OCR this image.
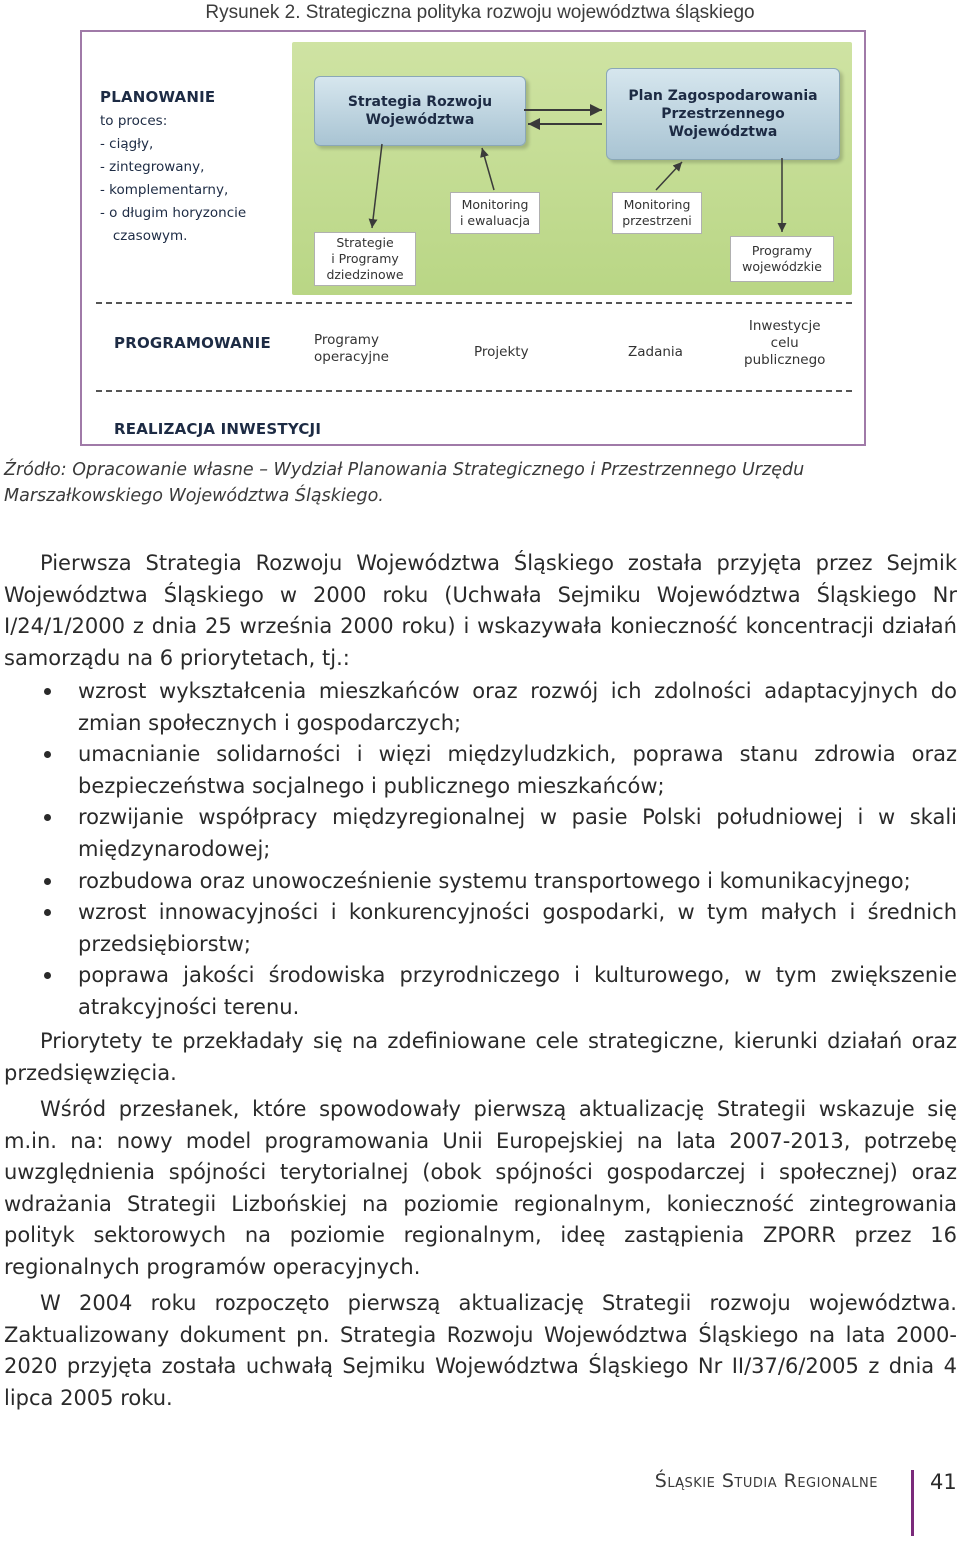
Rysunek 2. Strategiczna polityka rozwoju województwa śląskiego
PLANOWANIE
to proces:
- ciągły,
- zintegrowany,
- komplementarny,
- o długim horyzoncie
czasowym.
Strategia Rozwoju
Województwa
Plan Zagospodarowania
Przestrzennego
Województwa
Monitoring
i ewaluacja
Monitoring
przestrzeni
Strategie
i Programy
dziedzinowe
Programy
wojewódzkie
PROGRAMOWANIE	Programy
operacyjne	Projekty	Zadania
Inwestycje
celu
publicznego
REALIZACJA INWESTYCJI
Źródło: Opracowanie własne – Wydział Planowania Strategicznego i Przestrzennego Urzędu
Marszałkowskiego Województwa Śląskiego.
Pierwsza Strategia Rozwoju Województwa Śląskiego została przyjęta przez Sejmik Województwa Śląskiego w 2000 roku (Uchwała Sejmiku Województwa Śląskiego Nr I/24/1/2000 z dnia 25 września 2000 roku) i wskazywała konieczność koncentracji działań samorządu na 6 priorytetach, tj.:
wzrost wykształcenia mieszkańców oraz rozwój ich zdolności adaptacyjnych do zmian społecznych i gospodarczych;
umacnianie solidarności i więzi międzyludzkich, poprawa stanu zdrowia oraz bezpieczeństwa socjalnego i publicznego mieszkańców;
rozwijanie współpracy międzyregionalnej w pasie Polski południowej i w skali międzynarodowej;
rozbudowa oraz unowocześnienie systemu transportowego i komunikacyjnego;
wzrost innowacyjności i konkurencyjności gospodarki, w tym małych i średnich przedsiębiorstw;
poprawa jakości środowiska przyrodniczego i kulturowego, w tym zwiększenie atrakcyjności terenu.
Priorytety te przekładały się na zdefiniowane cele strategiczne, kierunki działań oraz przedsięwzięcia.
Wśród przesłanek, które spowodowały pierwszą aktualizację Strategii wskazuje się m.in. na: nowy model programowania Unii Europejskiej na lata 2007-2013, potrzebę uwzględnienia spójności terytorialnej (obok spójności gospodarczej i społecznej) oraz wdrażania Strategii Lizbońskiej na poziomie regionalnym, konieczność zintegrowania polityk sektorowych na poziomie regionalnym, ideę zastąpienia ZPORR przez 16 regionalnych programów operacyjnych.
W 2004 roku rozpoczęto pierwszą aktualizację Strategii rozwoju województwa. Zaktualizowany dokument pn. Strategia Rozwoju Województwa Śląskiego na lata 2000-2020 przyjęta została uchwałą Sejmiku Województwa Śląskiego Nr II/37/6/2005 z dnia 4 lipca 2005 roku.
Śląskie Studia Regionalne 41
